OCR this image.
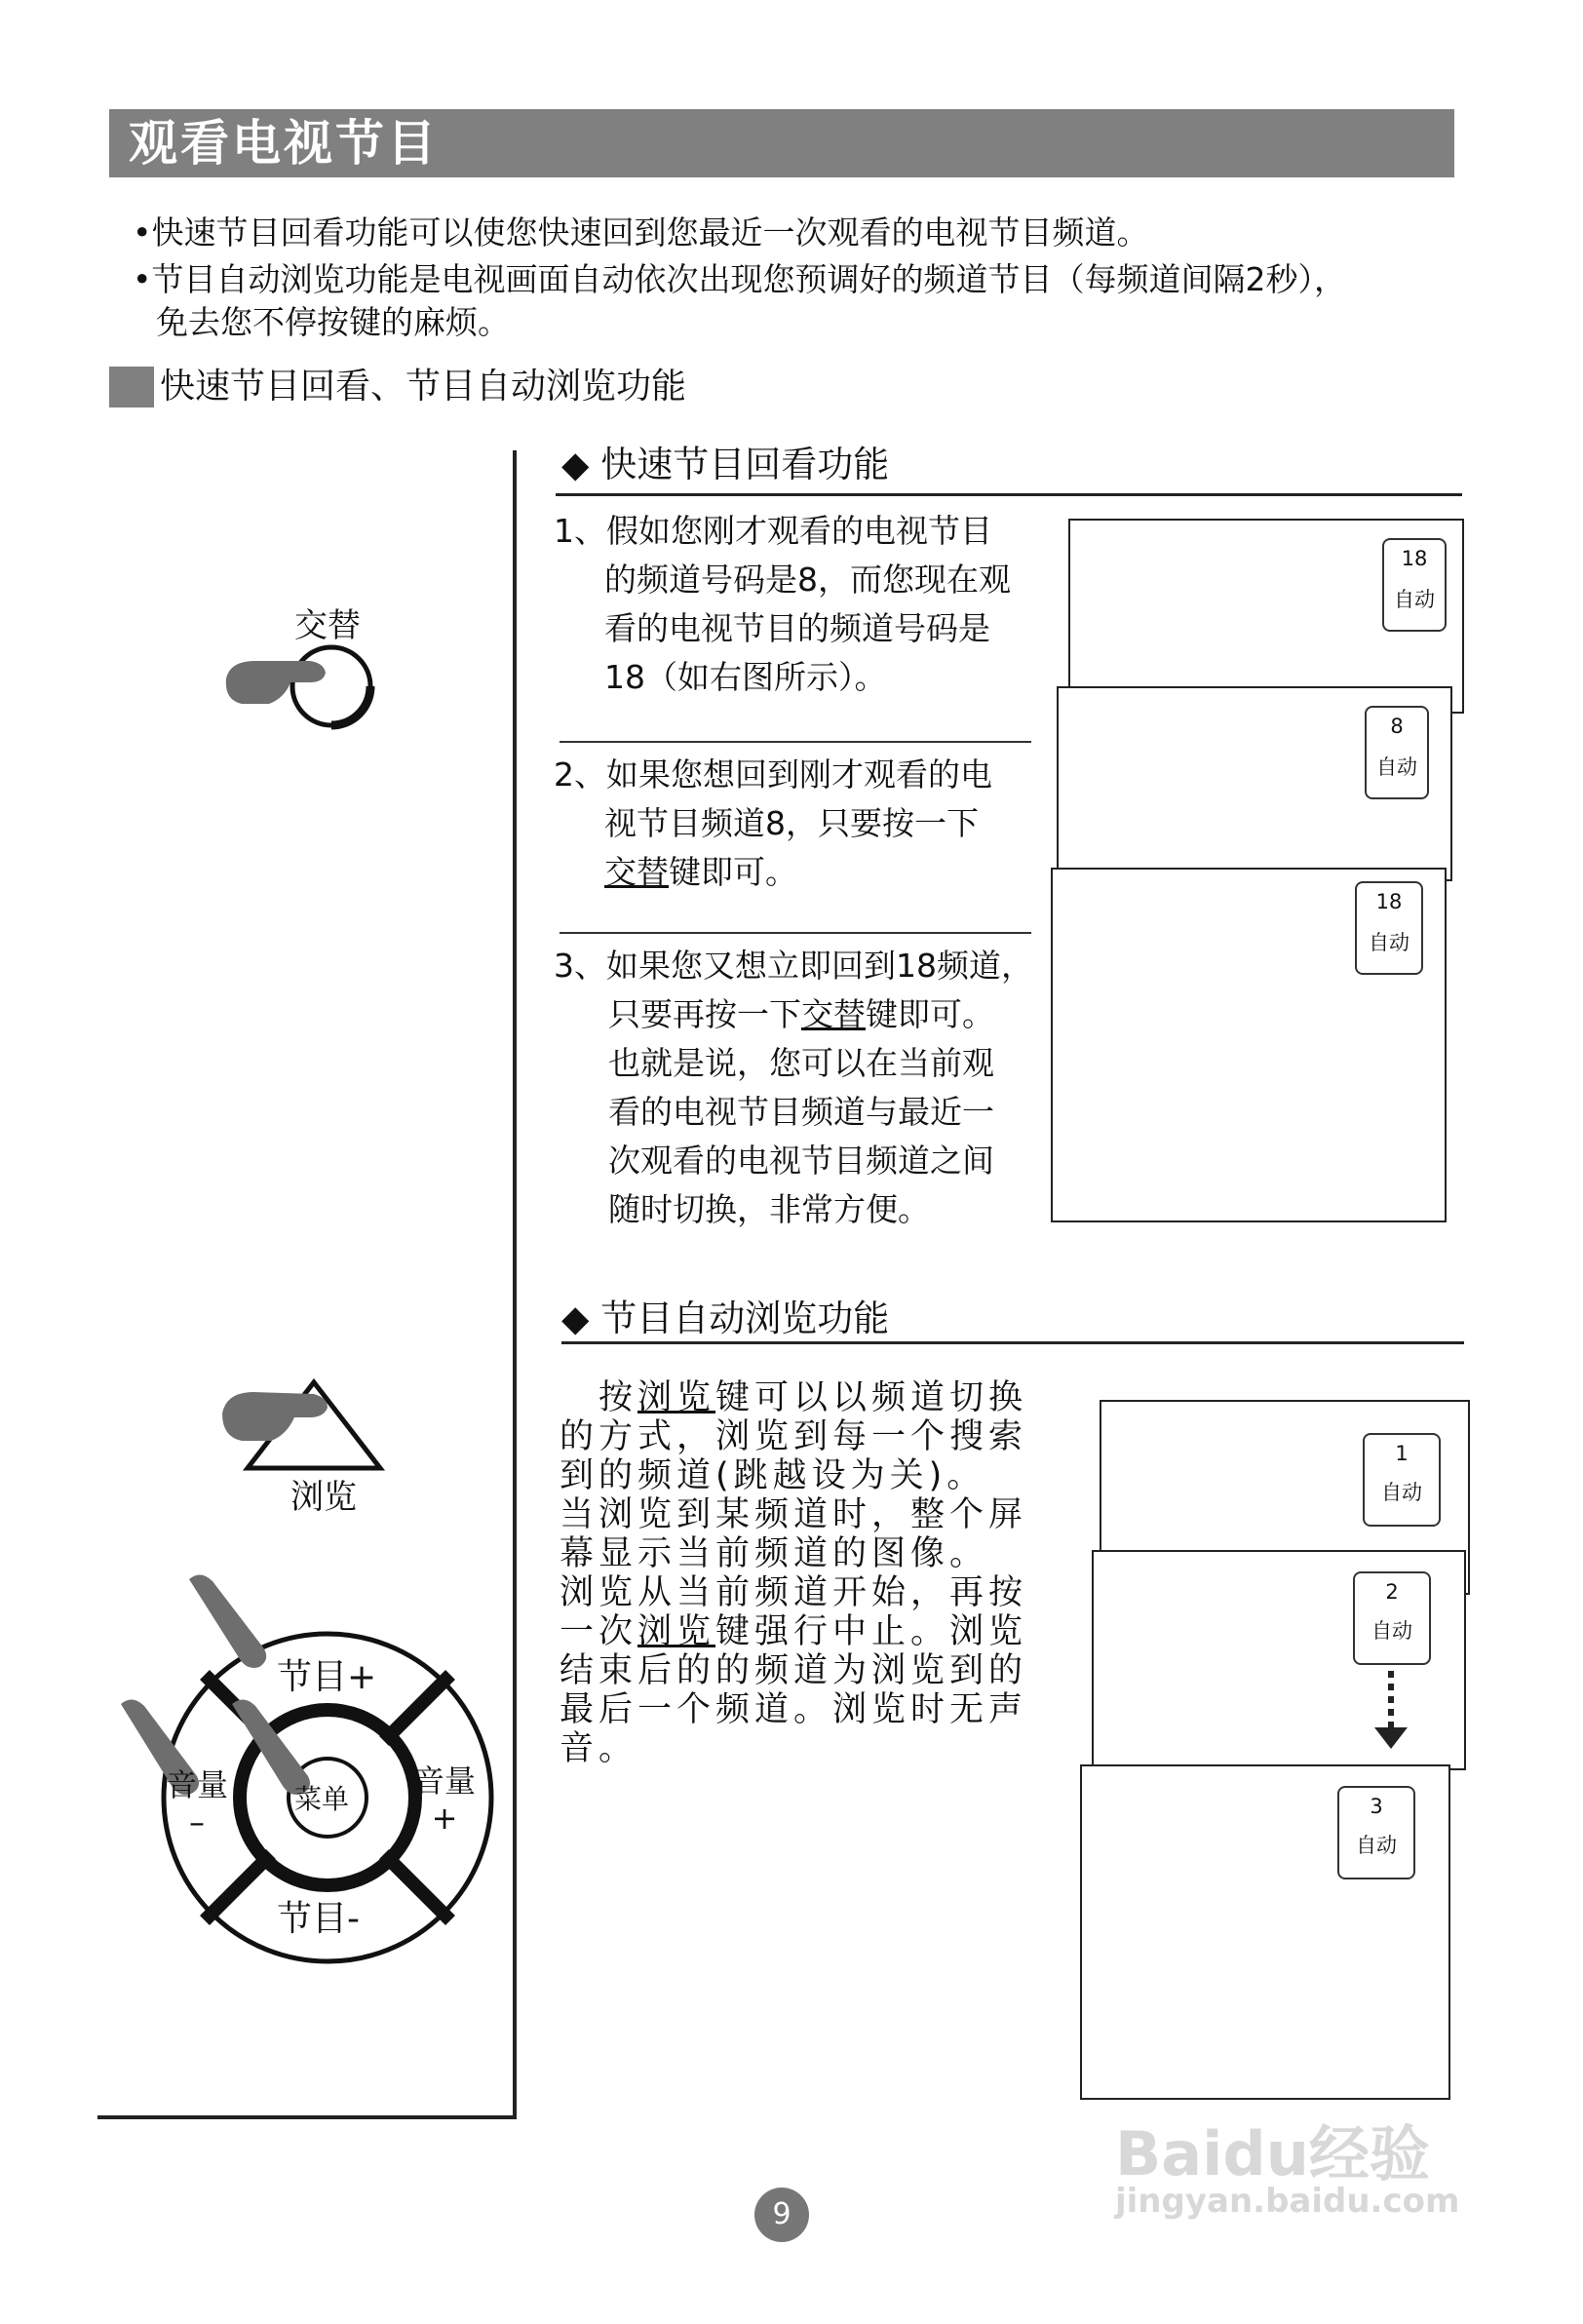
观看电视节目
•快速节目回看功能可以使您快速回到您最近一次观看的电视节目频道。
•节目自动浏览功能是电视画面自动依次出现您预调好的频道节目（每频道间隔2秒），
免去您不停按键的麻烦。
快速节目回看、节目自动浏览功能
◆ 快速节目回看功能
1、假如您刚才观看的电视节目
的频道号码是8，而您现在观
看的电视节目的频道号码是
18（如右图所示）。
2、如果您想回到刚才观看的电
视节目频道8，只要按一下
交替键即可。
3、如果您又想立即回到18频道，
只要再按一下交替键即可。
也就是说，您可以在当前观
看的电视节目频道与最近一
次观看的电视节目频道之间
随时切换，非常方便。
18
自动
8
自动
18
自动
◆ 节目自动浏览功能
按浏览键可以以频道切换
的方式，浏览到每一个搜索
到的频道(跳越设为关)。
当浏览到某频道时，整个屏
幕显示当前频道的图像。
浏览从当前频道开始，再按
一次浏览键强行中止。浏览
结束后的的频道为浏览到的
最后一个频道。浏览时无声
音。
1
自动
2
自动
3
自动
交替
浏览
节目+
节目-
音量
–
音量
+
菜单
9
Baidu经验
jingyan.baidu.com
